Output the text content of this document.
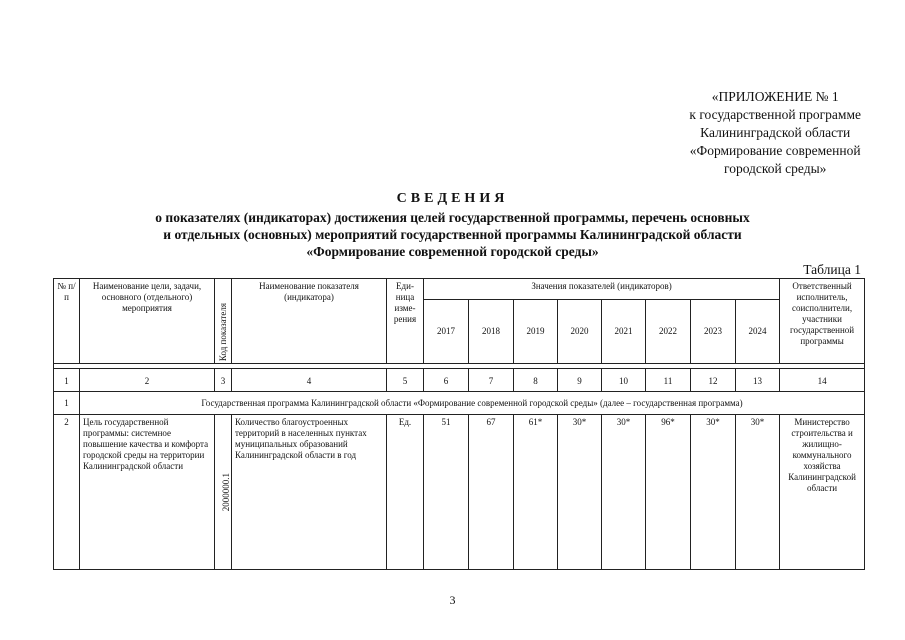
«ПРИЛОЖЕНИЕ № 1
к государственной программе
Калининградской области
«Формирование современной
городской среды»
СВЕДЕНИЯ
о показателях (индикаторах) достижения целей государственной программы, перечень основных
и отдельных (основных) мероприятий государственной программы Калининградской области
«Формирование современной городской среды»
Таблица 1
№ п/п	Наименование цели, задачи, основного (отдельного) мероприятия	Код показателя	Наименование показателя (индикатора)	Еди-ница изме-рения	Значения показателей (индикаторов)								Ответственный исполнитель, соисполнители, участники государственной программы
					2017	2018	2019	2020	2021	2022	2023	2024	

1	2	3	4	5	6	7	8	9	10	11	12	13	14
1	Государственная программа Калининградской области «Формирование современной городской среды» (далее – государственная программа)												
2	Цель государственной программы: системное повышение качества и комфорта городской среды на территории Калининградской области	2000000.1	Количество благоустроенных территорий в населенных пунктах муниципальных образований Калининградской области в год	Ед.	51	67	61*	30*	30*	96*	30*	30*	Министерство строительства и жилищно-коммунального хозяйства Калининградской области
3
